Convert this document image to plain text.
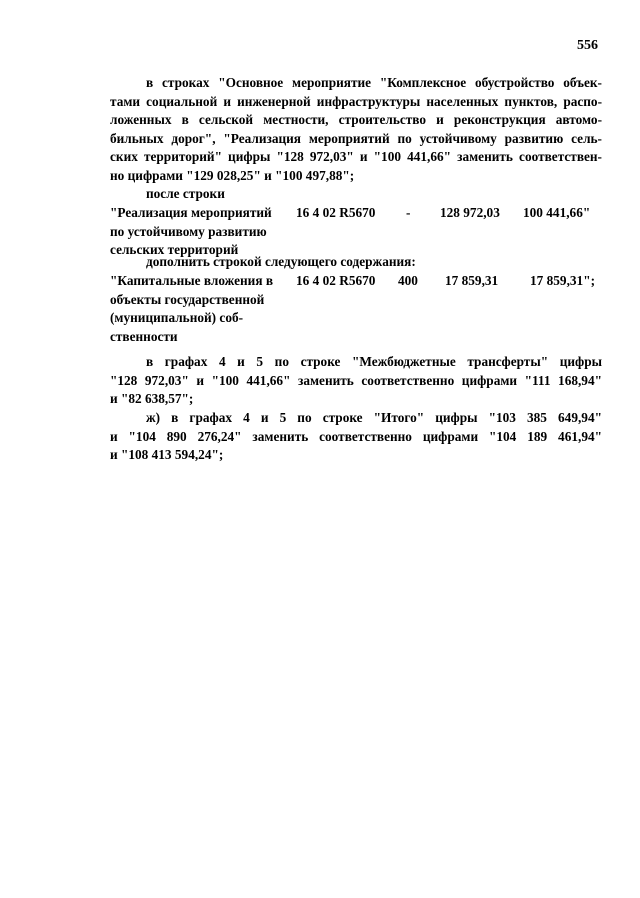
556
в строках "Основное мероприятие "Комплексное обустройство объек-
тами социальной и инженерной инфраструктуры населенных пунктов, распо-
ложенных в сельской местности, строительство и реконструкция автомо-
бильных дорог", "Реализация мероприятий по устойчивому развитию сель-
ских территорий" цифры "128 972,03" и "100 441,66" заменить соответствен-
но цифрами "129 028,25" и "100 497,88";
после строки
"Реализация мероприятий
по устойчивому развитию
сельских территорий
16 4 02 R5670 - 128 972,03 100 441,66"
дополнить строкой следующего содержания:
"Капитальные вложения в
объекты государственной
(муниципальной) соб-
ственности
16 4 02 R5670 400 17 859,31 17 859,31";
в графах 4 и 5 по строке "Межбюджетные трансферты" цифры
"128 972,03" и "100 441,66" заменить соответственно цифрами "111 168,94"
и "82 638,57";
ж) в графах 4 и 5 по строке "Итого" цифры "103 385 649,94"
и "104 890 276,24" заменить соответственно цифрами "104 189 461,94"
и "108 413 594,24";
